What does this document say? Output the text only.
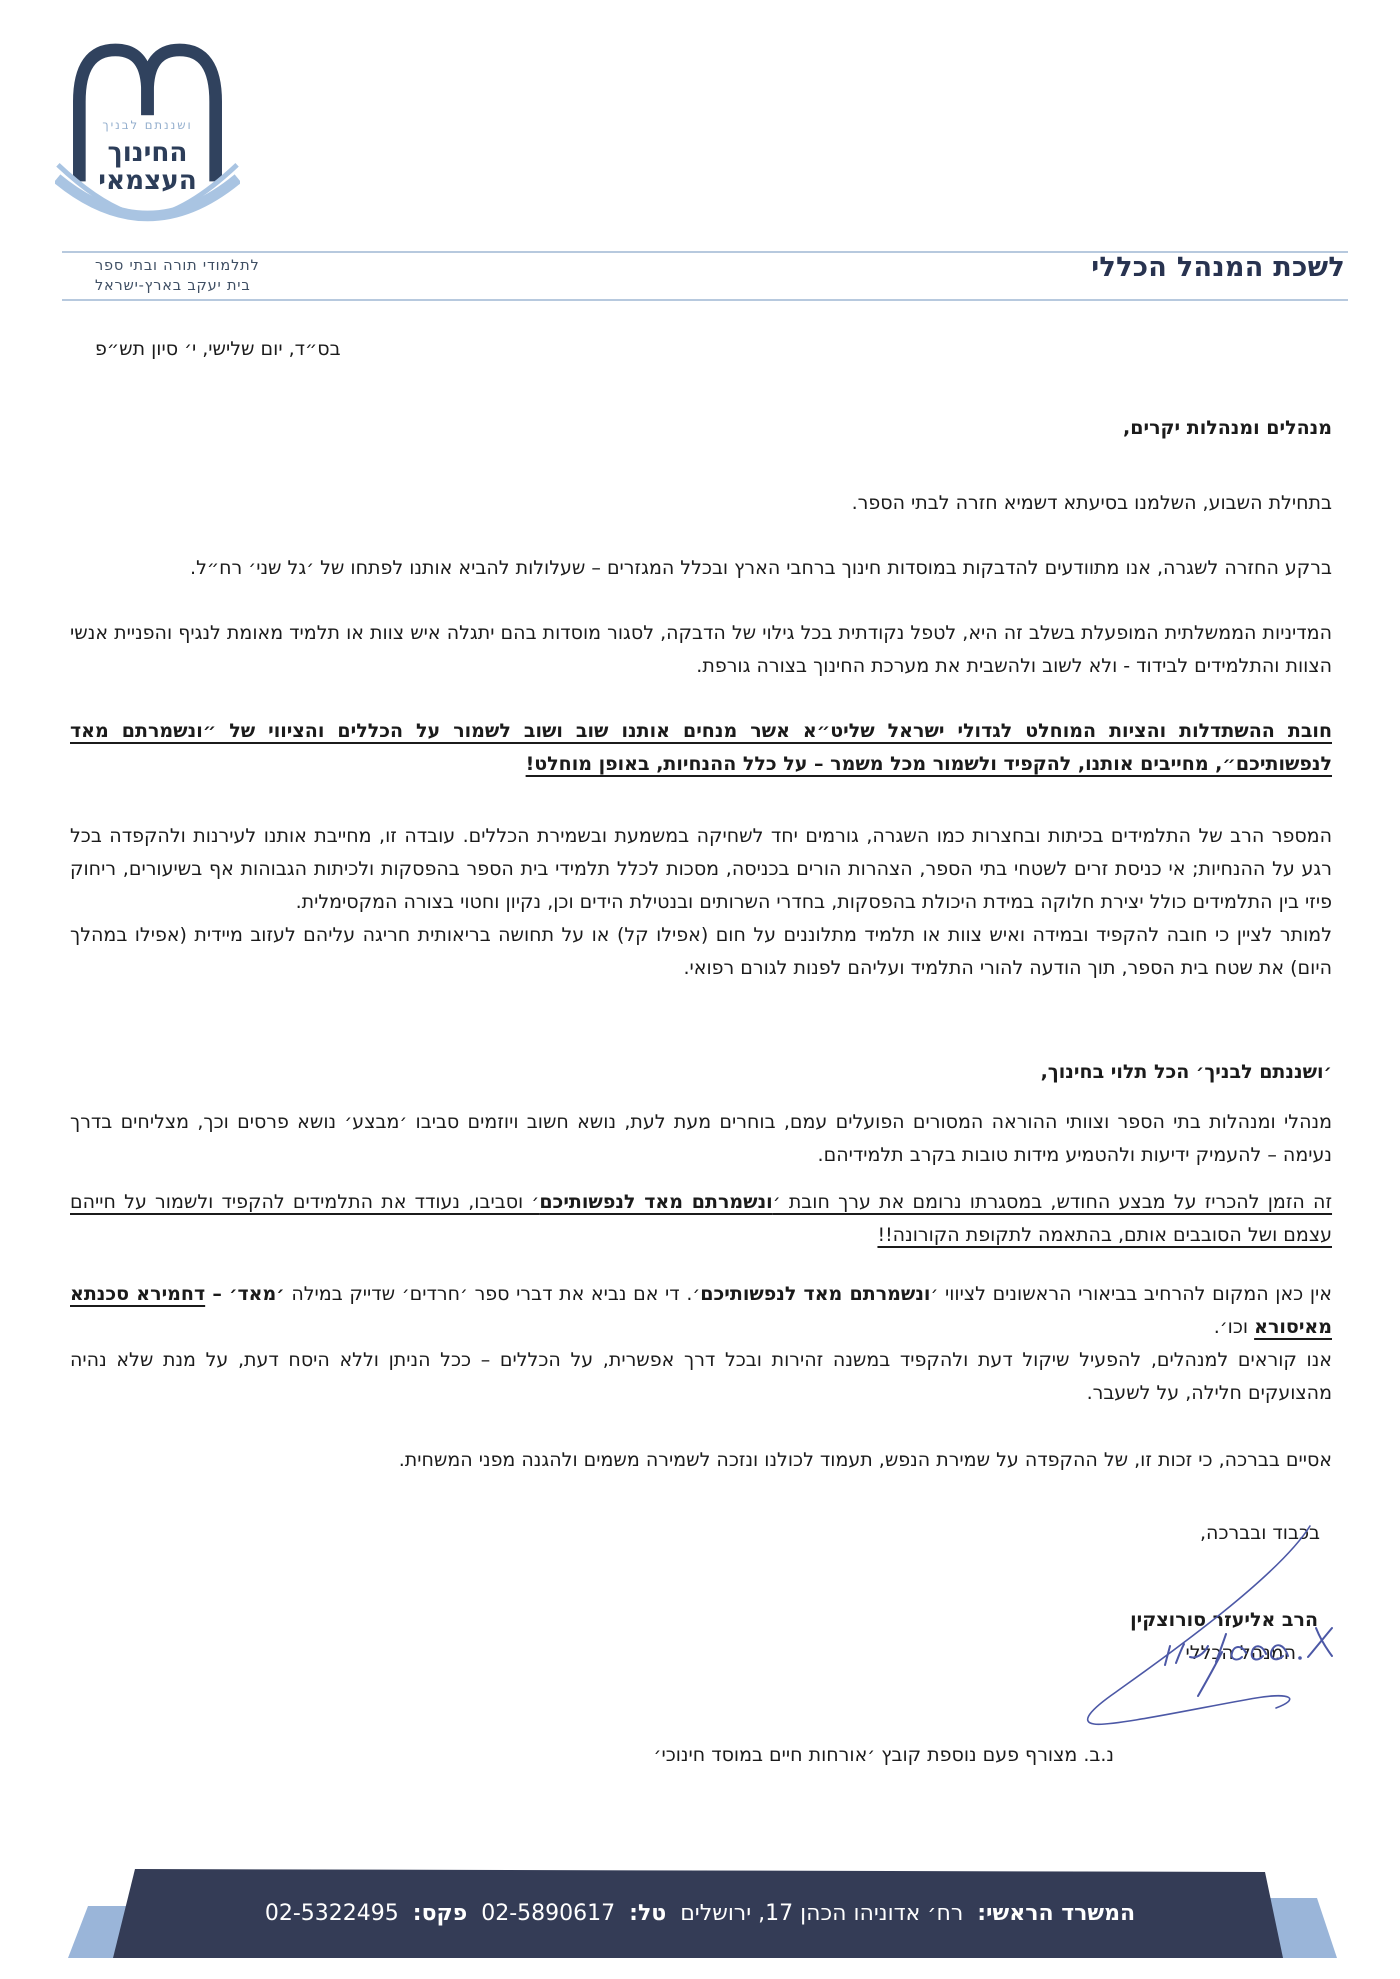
ושננתם לבניך
החינוך
העצמאי
לתלמודי תורה ובתי ספר
בית יעקב בארץ-ישראל
לשכת המנהל הכללי
בס״ד, יום שלישי, י׳ סיון תש״פ
מנהלים ומנהלות יקרים,
בתחילת השבוע, השלמנו בסיעתא דשמיא חזרה לבתי הספר.
ברקע החזרה לשגרה, אנו מתוודעים להדבקות במוסדות חינוך ברחבי הארץ ובכלל המגזרים – שעלולות להביא אותנו לפתחו של ׳גל שני׳ רח״ל.
המדיניות הממשלתית המופעלת בשלב זה היא, לטפל נקודתית בכל גילוי של הדבקה, לסגור מוסדות בהם יתגלה איש צוות או תלמיד מאומת לנגיף והפניית אנשי הצוות והתלמידים לבידוד - ולא לשוב ולהשבית את מערכת החינוך בצורה גורפת.
חובת ההשתדלות והציות המוחלט לגדולי ישראל שליט״א אשר מנחים אותנו שוב ושוב לשמור על הכללים והציווי של ״ונשמרתם מאד לנפשותיכם״, מחייבים אותנו, להקפיד ולשמור מכל משמר – על כלל ההנחיות, באופן מוחלט!
המספר הרב של התלמידים בכיתות ובחצרות כמו השגרה, גורמים יחד לשחיקה במשמעת ובשמירת הכללים. עובדה זו, מחייבת אותנו לעירנות ולהקפדה בכל רגע על ההנחיות; אי כניסת זרים לשטחי בתי הספר, הצהרות הורים בכניסה, מסכות לכלל תלמידי בית הספר בהפסקות ולכיתות הגבוהות אף בשיעורים, ריחוק פיזי בין התלמידים כולל יצירת חלוקה במידת היכולת בהפסקות, בחדרי השרותים ובנטילת הידים וכן, נקיון וחטוי בצורה המקסימלית.
למותר לציין כי חובה להקפיד ובמידה ואיש צוות או תלמיד מתלוננים על חום (אפילו קל) או על תחושה בריאותית חריגה עליהם לעזוב מיידית (אפילו במהלך היום) את שטח בית הספר, תוך הודעה להורי התלמיד ועליהם לפנות לגורם רפואי.
׳ושננתם לבניך׳ הכל תלוי בחינוך,
מנהלי ומנהלות בתי הספר וצוותי ההוראה המסורים הפועלים עמם, בוחרים מעת לעת, נושא חשוב ויוזמים סביבו ׳מבצע׳ נושא פרסים וכך, מצליחים בדרך נעימה – להעמיק ידיעות ולהטמיע מידות טובות בקרב תלמידיהם.
זה הזמן להכריז על מבצע החודש, במסגרתו נרומם את ערך חובת ׳ונשמרתם מאד לנפשותיכם׳ וסביבו, נעודד את התלמידים להקפיד ולשמור על חייהם עצמם ושל הסובבים אותם, בהתאמה לתקופת הקורונה!!
אין כאן המקום להרחיב בביאורי הראשונים לציווי ׳ונשמרתם מאד לנפשותיכם׳. די אם נביא את דברי ספר ׳חרדים׳ שדייק במילה ׳מאד׳ – דחמירא סכנתא מאיסורא וכו׳.
אנו קוראים למנהלים, להפעיל שיקול דעת ולהקפיד במשנה זהירות ובכל דרך אפשרית, על הכללים – ככל הניתן וללא היסח דעת, על מנת שלא נהיה מהצועקים חלילה, על לשעבר.
אסיים בברכה, כי זכות זו, של ההקפדה על שמירת הנפש, תעמוד לכולנו ונזכה לשמירה משמים ולהגנה מפני המשחית.
בכבוד ובברכה,
הרב אליעזר סורוצקין
המנהל הכללי
נ.ב. מצורף פעם נוספת קובץ ׳אורחות חיים במוסד חינוכי׳
המשרד הראשי: רח׳ אדוניהו הכהן 17, ירושלים טל: 02-5890617 פקס: 02-5322495
